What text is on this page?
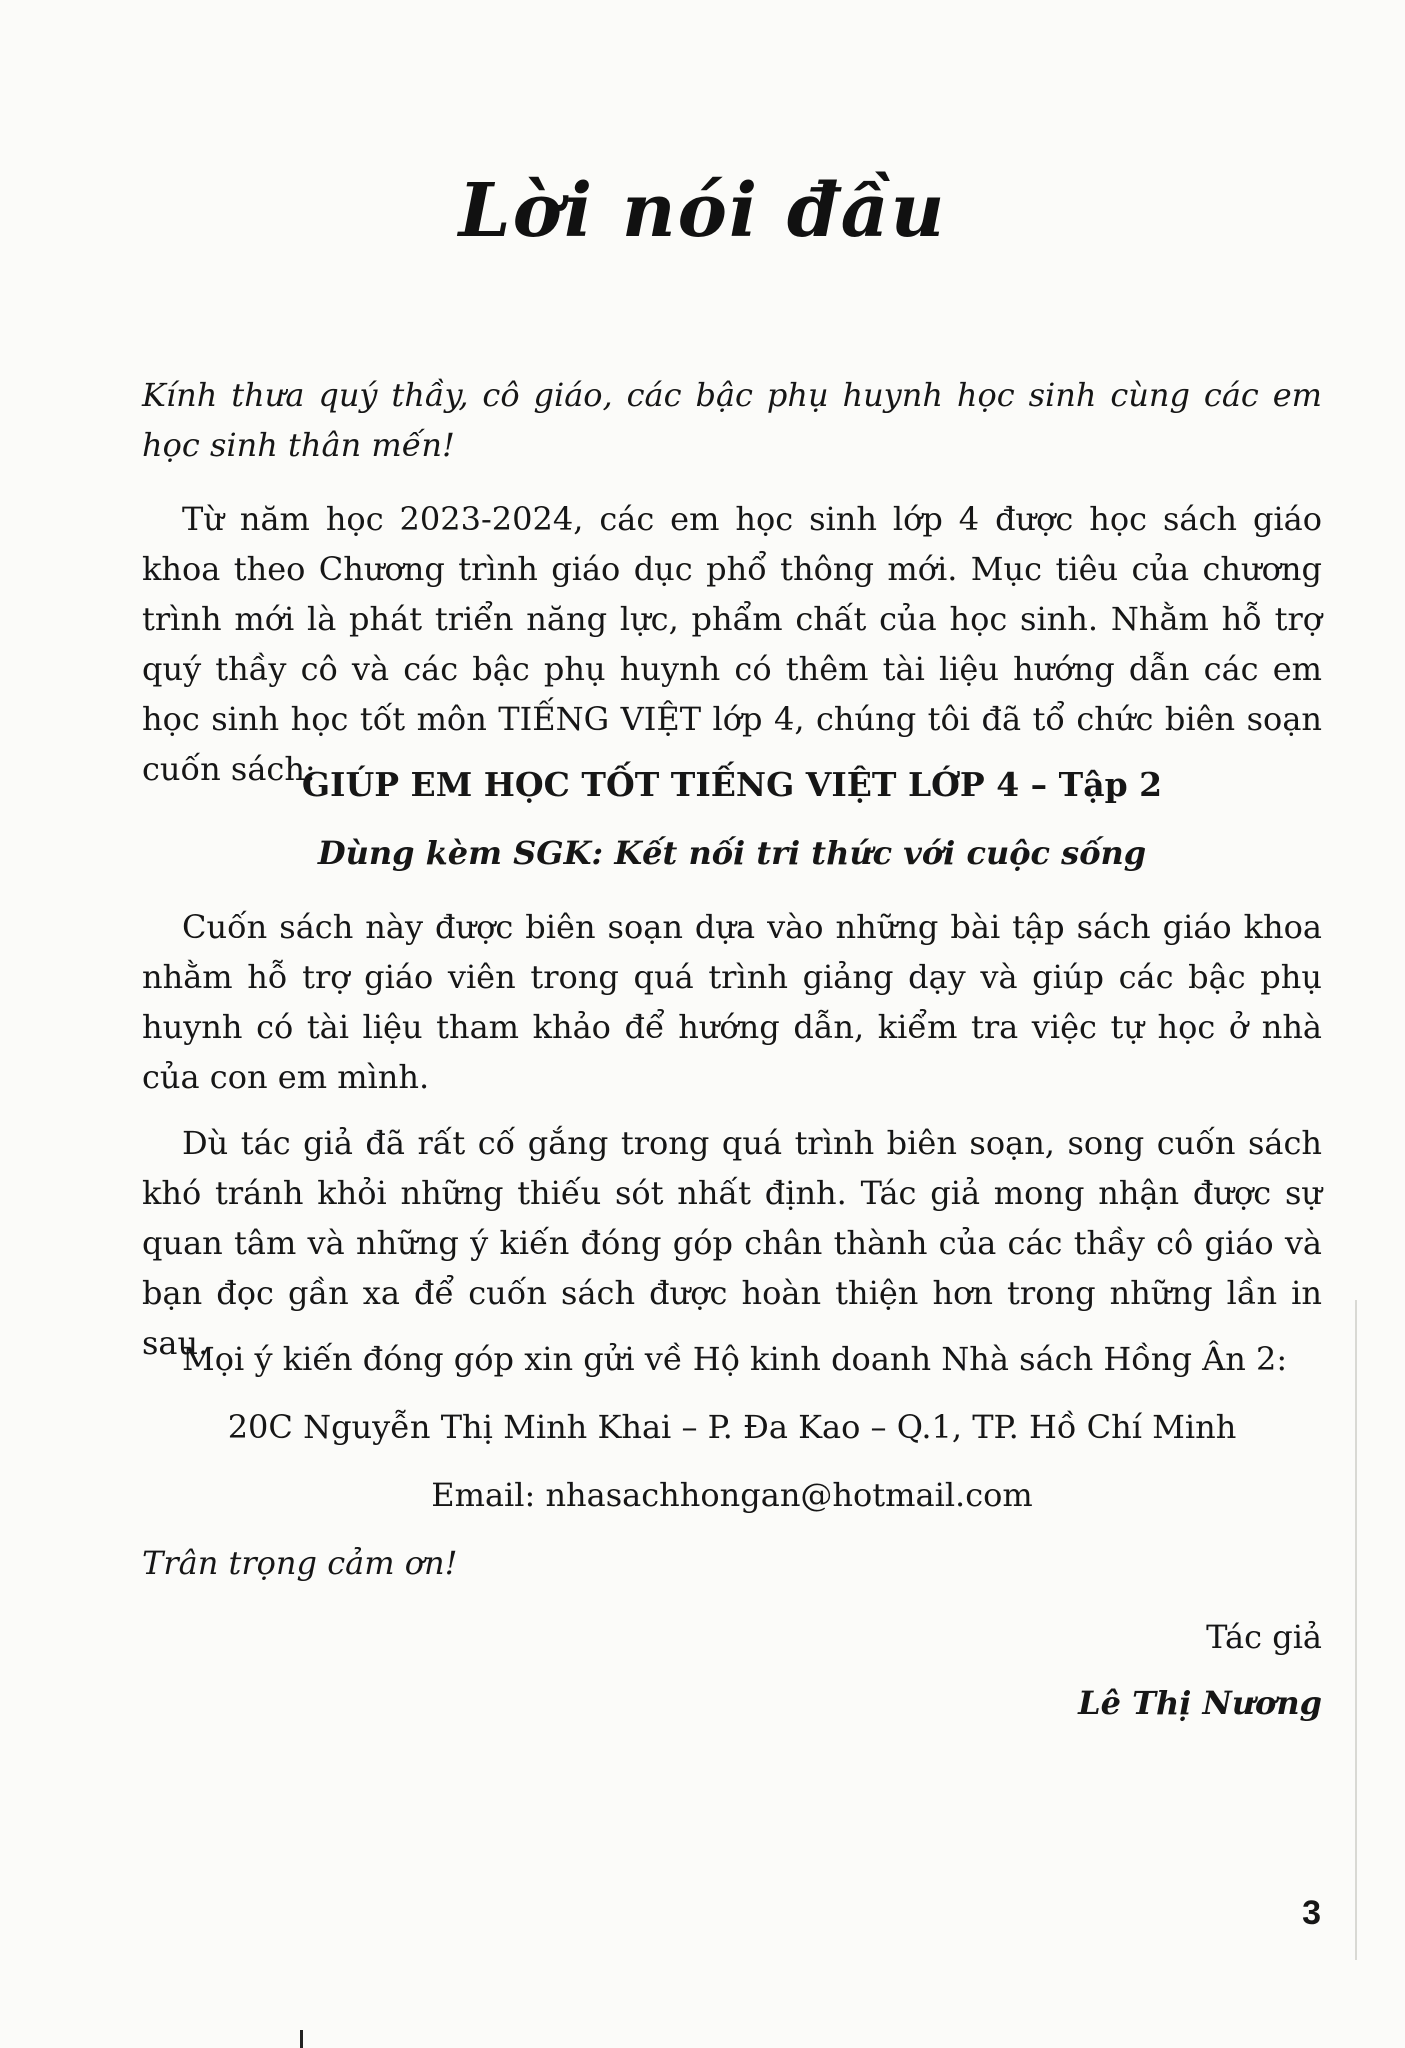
Lời nói đầu

Kính thưa quý thầy, cô giáo, các bậc phụ huynh học sinh cùng các em học sinh thân mến!

Từ năm học 2023-2024, các em học sinh lớp 4 được học sách giáo khoa theo Chương trình giáo dục phổ thông mới. Mục tiêu của chương trình mới là phát triển năng lực, phẩm chất của học sinh. Nhằm hỗ trợ quý thầy cô và các bậc phụ huynh có thêm tài liệu hướng dẫn các em học sinh học tốt môn TIẾNG VIỆT lớp 4, chúng tôi đã tổ chức biên soạn cuốn sách:

GIÚP EM HỌC TỐT TIẾNG VIỆT LỚP 4 – Tập 2

Dùng kèm SGK: Kết nối tri thức với cuộc sống

Cuốn sách này được biên soạn dựa vào những bài tập sách giáo khoa nhằm hỗ trợ giáo viên trong quá trình giảng dạy và giúp các bậc phụ huynh có tài liệu tham khảo để hướng dẫn, kiểm tra việc tự học ở nhà của con em mình.

Dù tác giả đã rất cố gắng trong quá trình biên soạn, song cuốn sách khó tránh khỏi những thiếu sót nhất định. Tác giả mong nhận được sự quan tâm và những ý kiến đóng góp chân thành của các thầy cô giáo và bạn đọc gần xa để cuốn sách được hoàn thiện hơn trong những lần in sau.

Mọi ý kiến đóng góp xin gửi về Hộ kinh doanh Nhà sách Hồng Ân 2:

20C Nguyễn Thị Minh Khai – P. Đa Kao – Q.1, TP. Hồ Chí Minh

Email: nhasachhongan@hotmail.com

Trân trọng cảm ơn!

Tác giả

Lê Thị Nương

3
